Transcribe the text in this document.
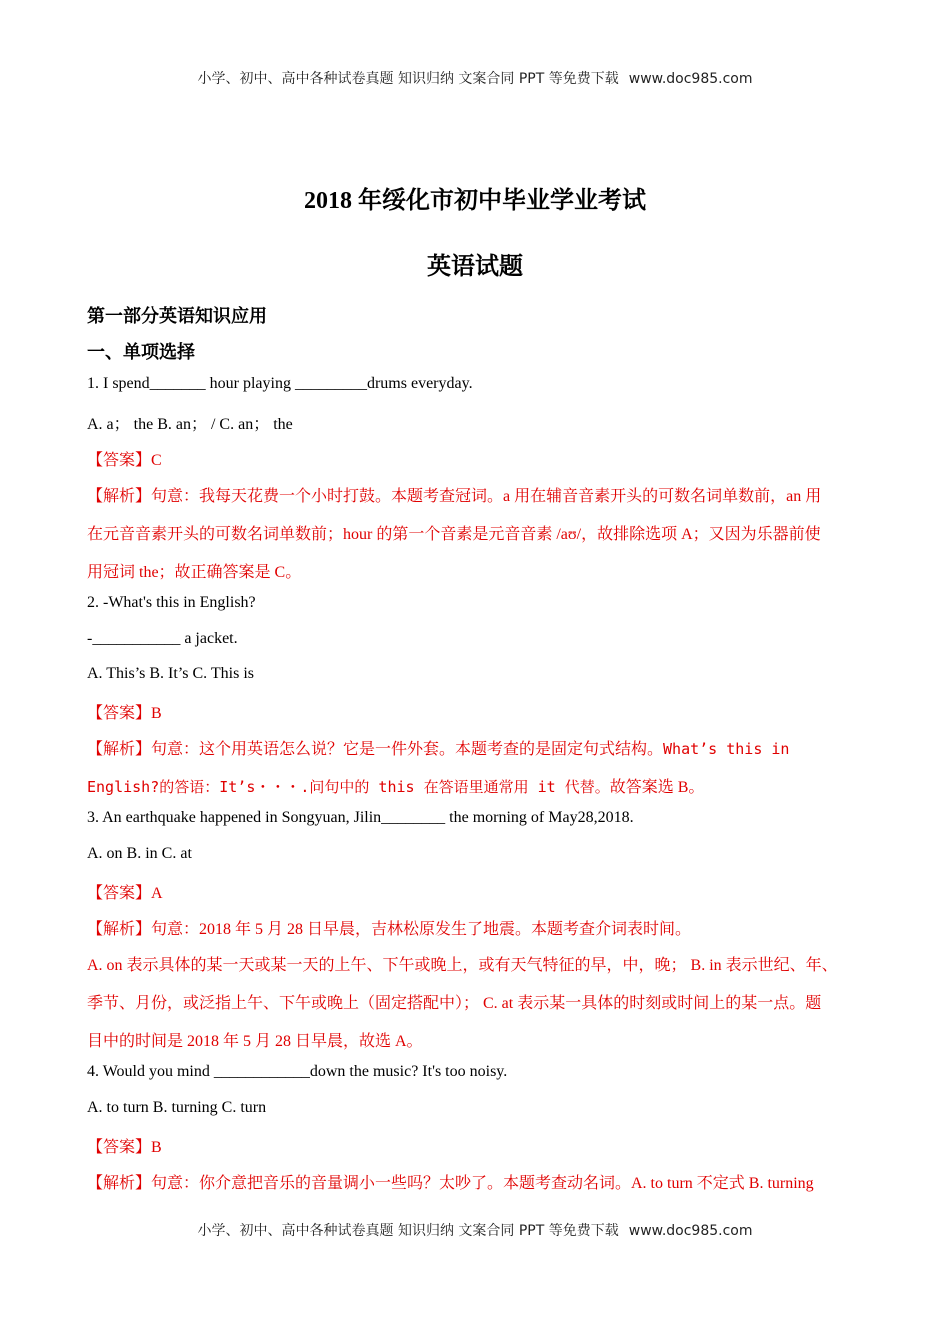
小学、初中、高中各种试卷真题 知识归纳 文案合同 PPT 等免费下载 www.doc985.com
2018 年绥化市初中毕业学业考试
英语试题
第一部分英语知识应用
一、单项选择
1. I spend_______ hour playing _________drums everyday.
A. a； the B. an； / C. an； the
【答案】C
【解析】句意：我每天花费一个小时打鼓。本题考查冠词。a 用在辅音音素开头的可数名词单数前，an 用
在元音音素开头的可数名词单数前；hour 的第一个音素是元音音素 /aʊ/，故排除选项 A；又因为乐器前使
用冠词 the；故正确答案是 C。
2. -What's this in English?
-___________ a jacket.
A. This’s B. It’s C. This is
【答案】B
【解析】句意：这个用英语怎么说？它是一件外套。本题考查的是固定句式结构。What’s this in
English?的答语：It’s・・・.问句中的 this 在答语里通常用 it 代替。故答案选 B。
3. An earthquake happened in Songyuan, Jilin________ the morning of May28,2018.
A. on B. in C. at
【答案】A
【解析】句意：2018 年 5 月 28 日早晨，吉林松原发生了地震。本题考查介词表时间。
A. on 表示具体的某一天或某一天的上午、下午或晚上，或有天气特征的早，中，晚； B. in 表示世纪、年、
季节、月份，或泛指上午、下午或晚上（固定搭配中）； C. at 表示某一具体的时刻或时间上的某一点。题
目中的时间是 2018 年 5 月 28 日早晨，故选 A。
4. Would you mind ____________down the music? It's too noisy.
A. to turn B. turning C. turn
【答案】B
【解析】句意：你介意把音乐的音量调小一些吗？太吵了。本题考查动名词。A. to turn 不定式 B. turning
小学、初中、高中各种试卷真题 知识归纳 文案合同 PPT 等免费下载 www.doc985.com
